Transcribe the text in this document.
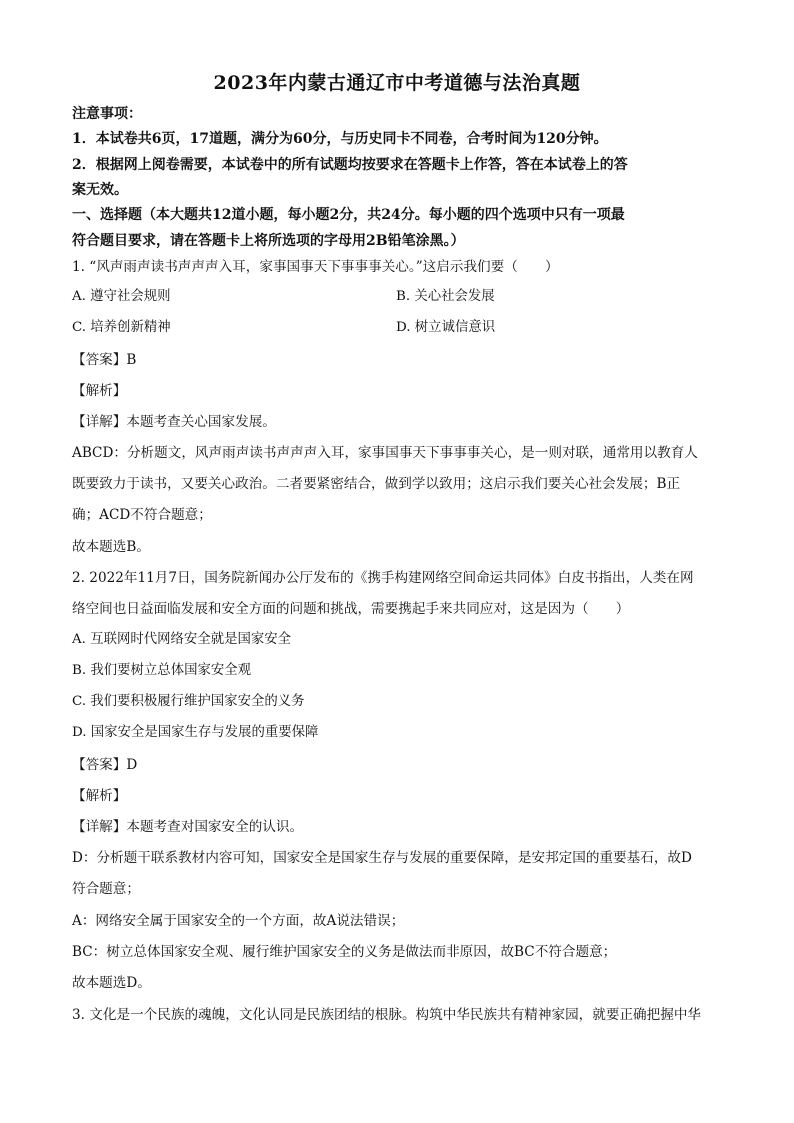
2023年内蒙古通辽市中考道德与法治真题
注意事项：
1．本试卷共6页，17道题，满分为60分，与历史同卡不同卷，合考时间为120分钟。
2．根据网上阅卷需要，本试卷中的所有试题均按要求在答题卡上作答，答在本试卷上的答
案无效。
一、选择题（本大题共12道小题，每小题2分，共24分。每小题的四个选项中只有一项最
符合题目要求，请在答题卡上将所选项的字母用2B铅笔涂黑。）
1. “风声雨声读书声声声入耳，家事国事天下事事事关心。”这启示我们要（　　）
A. 遵守社会规则	B. 关心社会发展
C. 培养创新精神	D. 树立诚信意识
【答案】B
【解析】
【详解】本题考查关心国家发展。
ABCD：分析题文，风声雨声读书声声声入耳，家事国事天下事事事关心，是一则对联，通常用以教育人
既要致力于读书，又要关心政治。二者要紧密结合，做到学以致用；这启示我们要关心社会发展；B正
确；ACD不符合题意；
故本题选B。
2. 2022年11月7日，国务院新闻办公厅发布的《携手构建网络空间命运共同体》白皮书指出，人类在网
络空间也日益面临发展和安全方面的问题和挑战，需要携起手来共同应对，这是因为（　　）
A. 互联网时代网络安全就是国家安全
B. 我们要树立总体国家安全观
C. 我们要积极履行维护国家安全的义务
D. 国家安全是国家生存与发展的重要保障
【答案】D
【解析】
【详解】本题考查对国家安全的认识。
D：分析题干联系教材内容可知，国家安全是国家生存与发展的重要保障，是安邦定国的重要基石，故D
符合题意；
A：网络安全属于国家安全的一个方面，故A说法错误；
BC：树立总体国家安全观、履行维护国家安全的义务是做法而非原因，故BC不符合题意；
故本题选D。
3. 文化是一个民族的魂魄，文化认同是民族团结的根脉。构筑中华民族共有精神家园，就要正确把握中华
